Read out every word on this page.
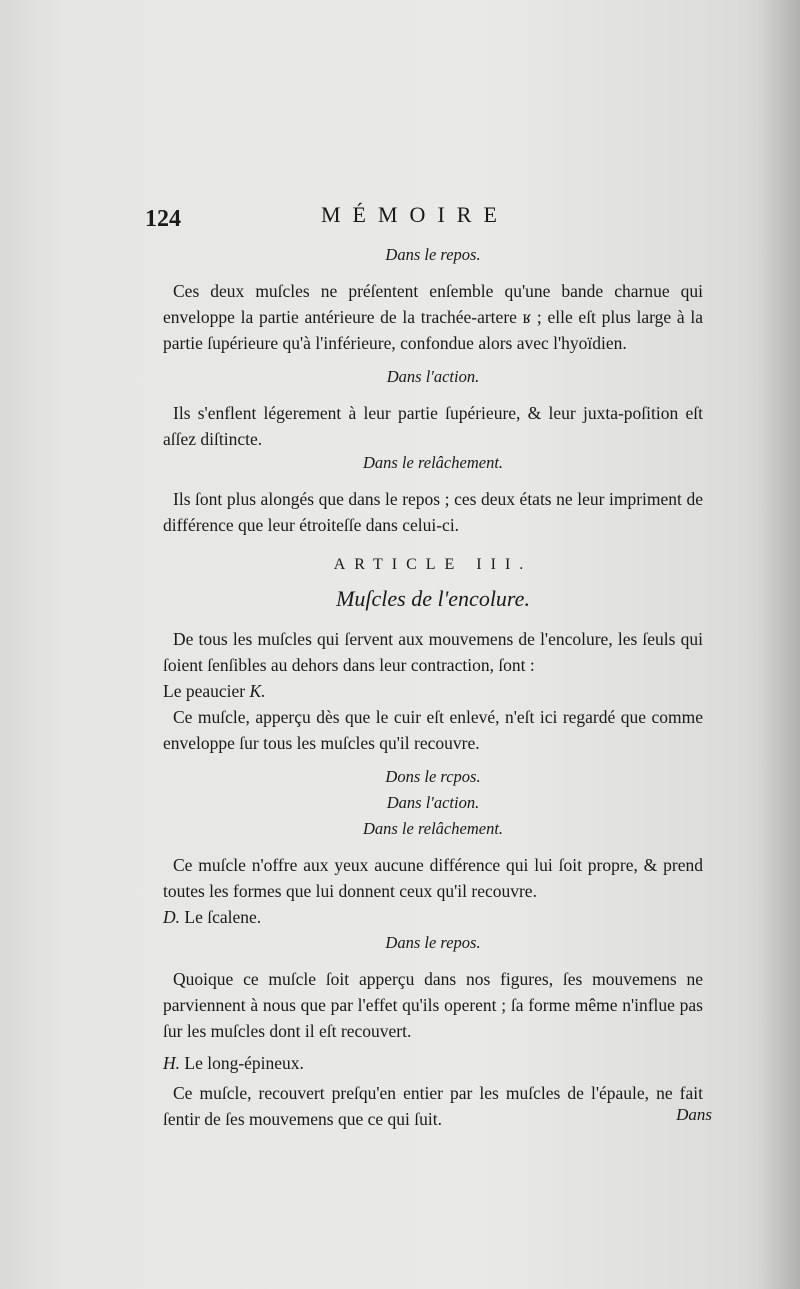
124	MÉMOIRE

Dans le repos.

Ces deux muſcles ne préſentent enſemble qu'une bande charnue qui enveloppe la partie antérieure de la trachée-artere ʁ ; elle eſt plus large à la partie ſupérieure qu'à l'inférieure, confondue alors avec l'hyoïdien.

Dans l'action.

Ils s'enflent légerement à leur partie ſupérieure, & leur juxta-poſition eſt aſſez diſtincte.

Dans le relâchement.

Ils ſont plus alongés que dans le repos ; ces deux états ne leur impriment de différence que leur étroiteſſe dans celui-ci.

ARTICLE III.

Muſcles de l'encolure.

De tous les muſcles qui ſervent aux mouvemens de l'encolure, les ſeuls qui ſoient ſenſibles au dehors dans leur contraction, ſont :

Le peaucier K.

Ce muſcle, apperçu dès que le cuir eſt enlevé, n'eſt ici regardé que comme enveloppe ſur tous les muſcles qu'il recouvre.

Dons le rcpos.

Dans l'action.

Dans le relâchement.

Ce muſcle n'offre aux yeux aucune différence qui lui ſoit propre, & prend toutes les formes que lui donnent ceux qu'il recouvre.

D. Le ſcalene.

Dans le repos.

Quoique ce muſcle ſoit apperçu dans nos figures, ſes mouvemens ne parviennent à nous que par l'effet qu'ils operent ; ſa forme même n'influe pas ſur les muſcles dont il eſt recouvert.

H. Le long-épineux.

Ce muſcle, recouvert preſqu'en entier par les muſcles de l'épaule, ne fait ſentir de ſes mouvemens que ce qui ſuit.	Dans
